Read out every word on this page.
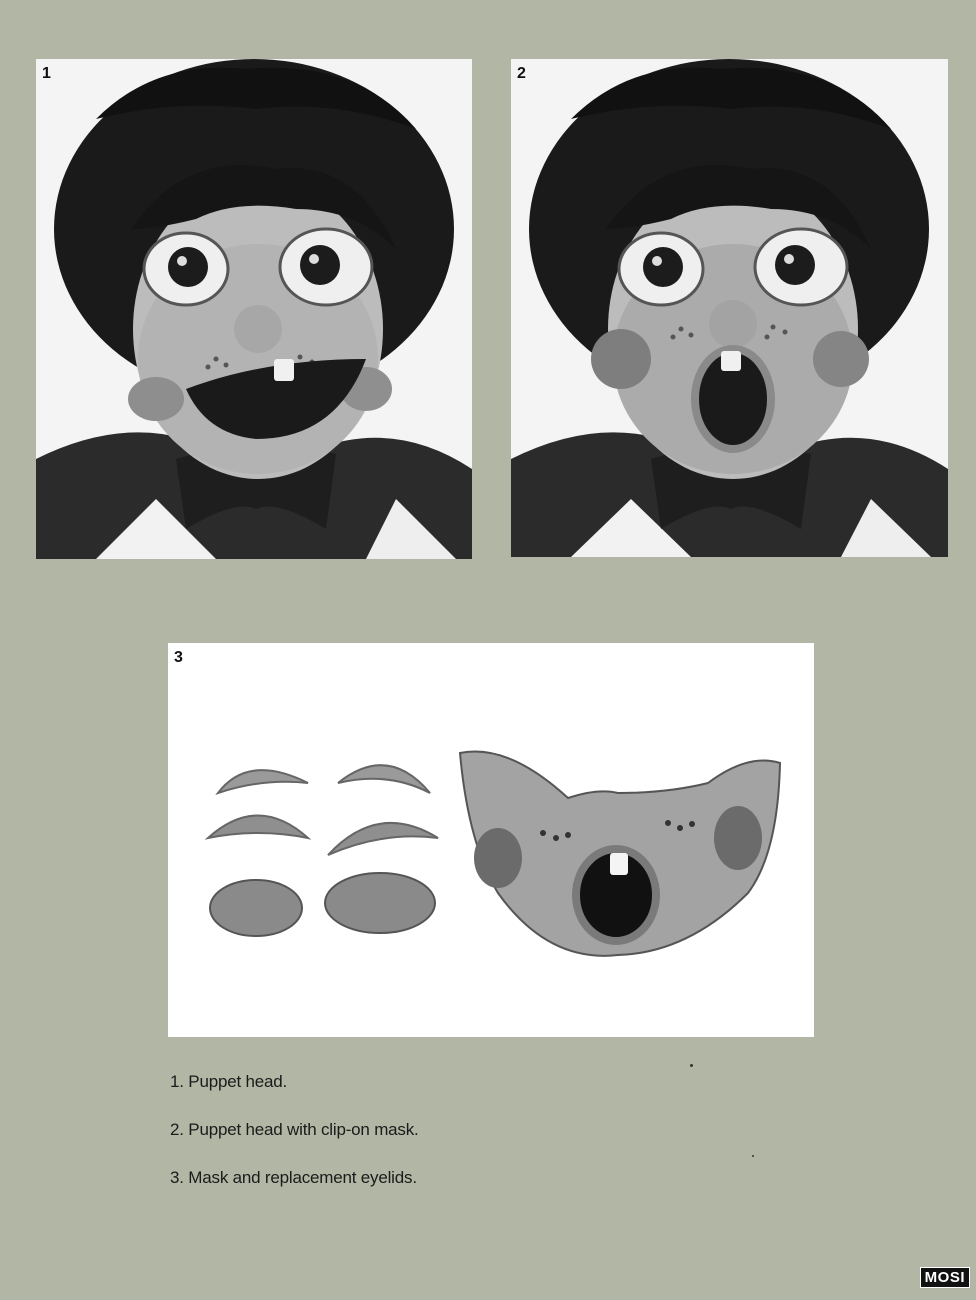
1	2
3

1. Puppet head.

2. Puppet head with clip-on mask.

3. Mask and replacement eyelids.

MOSI
